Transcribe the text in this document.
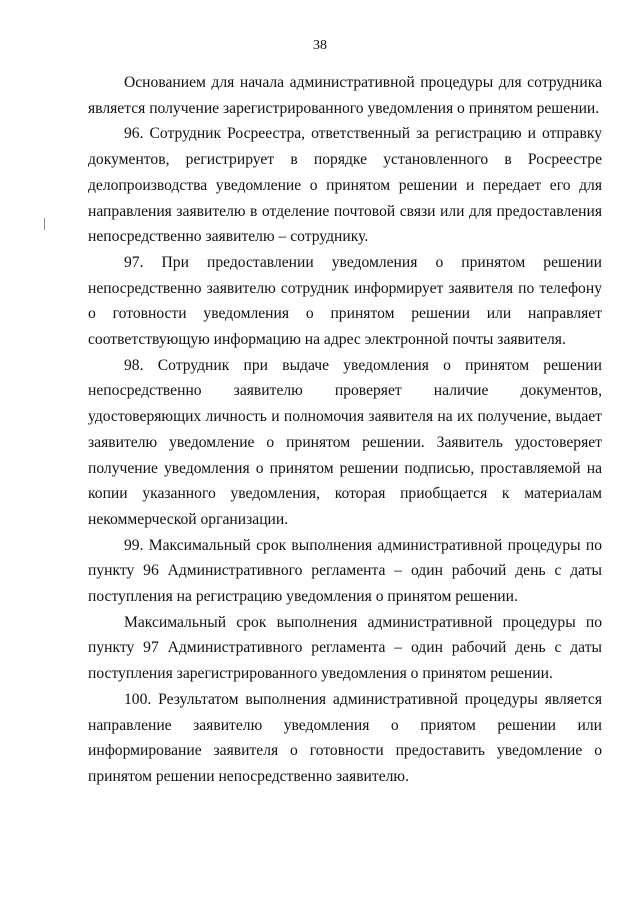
38

Основанием для начала административной процедуры для сотрудника является получение зарегистрированного уведомления о принятом решении.

96. Сотрудник Росреестра, ответственный за регистрацию и отправку документов, регистрирует в порядке установленного в Росреестре делопроизводства уведомление о принятом решении и передает его для направления заявителю в отделение почтовой связи или для предоставления непосредственно заявителю – сотруднику.

97. При предоставлении уведомления о принятом решении непосредственно заявителю сотрудник информирует заявителя по телефону о готовности уведомления о принятом решении или направляет соответствующую информацию на адрес электронной почты заявителя.

98. Сотрудник при выдаче уведомления о принятом решении непосредственно заявителю проверяет наличие документов, удостоверяющих личность и полномочия заявителя на их получение, выдает заявителю уведомление о принятом решении. Заявитель удостоверяет получение уведомления о принятом решении подписью, проставляемой на копии указанного уведомления, которая приобщается к материалам некоммерческой организации.

99. Максимальный срок выполнения административной процедуры по пункту 96 Административного регламента – один рабочий день с даты поступления на регистрацию уведомления о принятом решении.

Максимальный срок выполнения административной процедуры по пункту 97 Административного регламента – один рабочий день с даты поступления зарегистрированного уведомления о принятом решении.

100. Результатом выполнения административной процедуры является направление заявителю уведомления о приятом решении или информирование заявителя о готовности предоставить уведомление о принятом решении непосредственно заявителю.
